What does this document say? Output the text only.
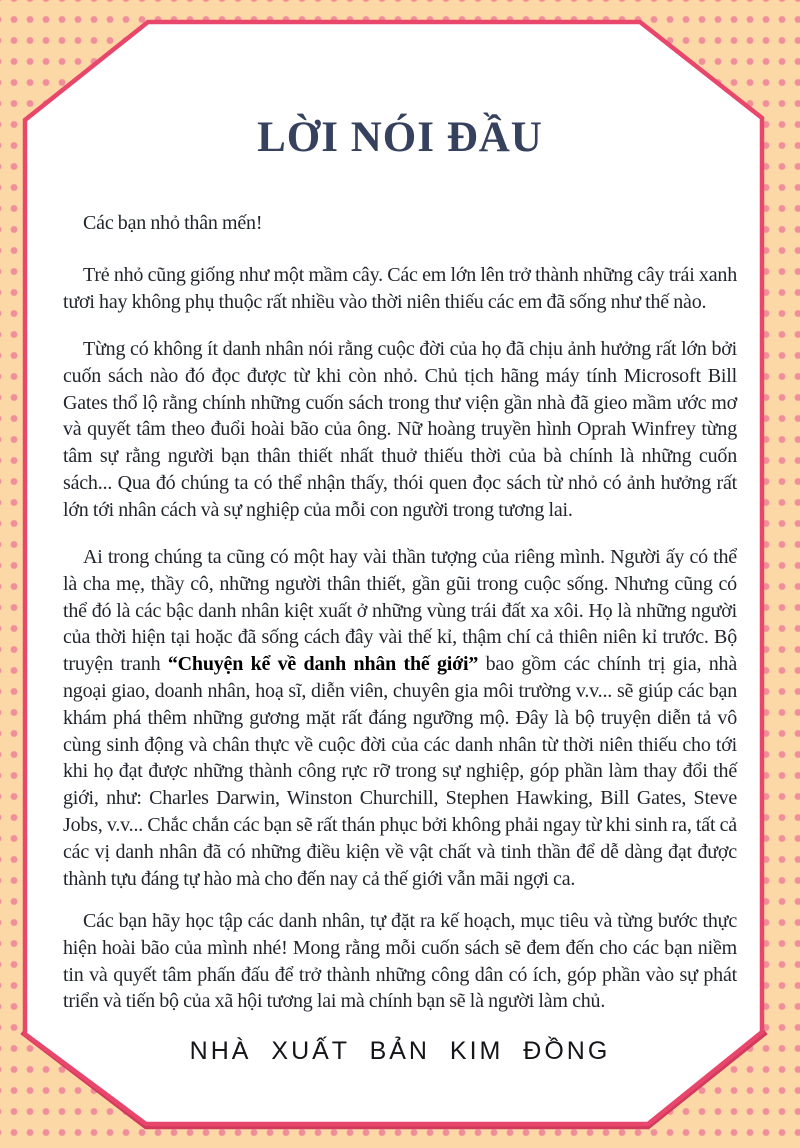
LỜI NÓI ĐẦU

Các bạn nhỏ thân mến!

Trẻ nhỏ cũng giống như một mầm cây. Các em lớn lên trở thành những cây trái xanh tươi hay không phụ thuộc rất nhiều vào thời niên thiếu các em đã sống như thế nào.

Từng có không ít danh nhân nói rằng cuộc đời của họ đã chịu ảnh hưởng rất lớn bởi cuốn sách nào đó đọc được từ khi còn nhỏ. Chủ tịch hãng máy tính Microsoft Bill Gates thổ lộ rằng chính những cuốn sách trong thư viện gần nhà đã gieo mầm ước mơ và quyết tâm theo đuổi hoài bão của ông. Nữ hoàng truyền hình Oprah Winfrey từng tâm sự rằng người bạn thân thiết nhất thuở thiếu thời của bà chính là những cuốn sách... Qua đó chúng ta có thể nhận thấy, thói quen đọc sách từ nhỏ có ảnh hưởng rất lớn tới nhân cách và sự nghiệp của mỗi con người trong tương lai.

Ai trong chúng ta cũng có một hay vài thần tượng của riêng mình. Người ấy có thể là cha mẹ, thầy cô, những người thân thiết, gần gũi trong cuộc sống. Nhưng cũng có thể đó là các bậc danh nhân kiệt xuất ở những vùng trái đất xa xôi. Họ là những người của thời hiện tại hoặc đã sống cách đây vài thế kỉ, thậm chí cả thiên niên kỉ trước. Bộ truyện tranh “Chuyện kể về danh nhân thế giới” bao gồm các chính trị gia, nhà ngoại giao, doanh nhân, hoạ sĩ, diễn viên, chuyên gia môi trường v.v... sẽ giúp các bạn khám phá thêm những gương mặt rất đáng ngưỡng mộ. Đây là bộ truyện diễn tả vô cùng sinh động và chân thực về cuộc đời của các danh nhân từ thời niên thiếu cho tới khi họ đạt được những thành công rực rỡ trong sự nghiệp, góp phần làm thay đổi thế giới, như: Charles Darwin, Winston Churchill, Stephen Hawking, Bill Gates, Steve Jobs, v.v... Chắc chắn các bạn sẽ rất thán phục bởi không phải ngay từ khi sinh ra, tất cả các vị danh nhân đã có những điều kiện về vật chất và tinh thần để dễ dàng đạt được thành tựu đáng tự hào mà cho đến nay cả thế giới vẫn mãi ngợi ca.

Các bạn hãy học tập các danh nhân, tự đặt ra kế hoạch, mục tiêu và từng bước thực hiện hoài bão của mình nhé! Mong rằng mỗi cuốn sách sẽ đem đến cho các bạn niềm tin và quyết tâm phấn đấu để trở thành những công dân có ích, góp phần vào sự phát triển và tiến bộ của xã hội tương lai mà chính bạn sẽ là người làm chủ.

NHÀ XUẤT BẢN KIM ĐỒNG
